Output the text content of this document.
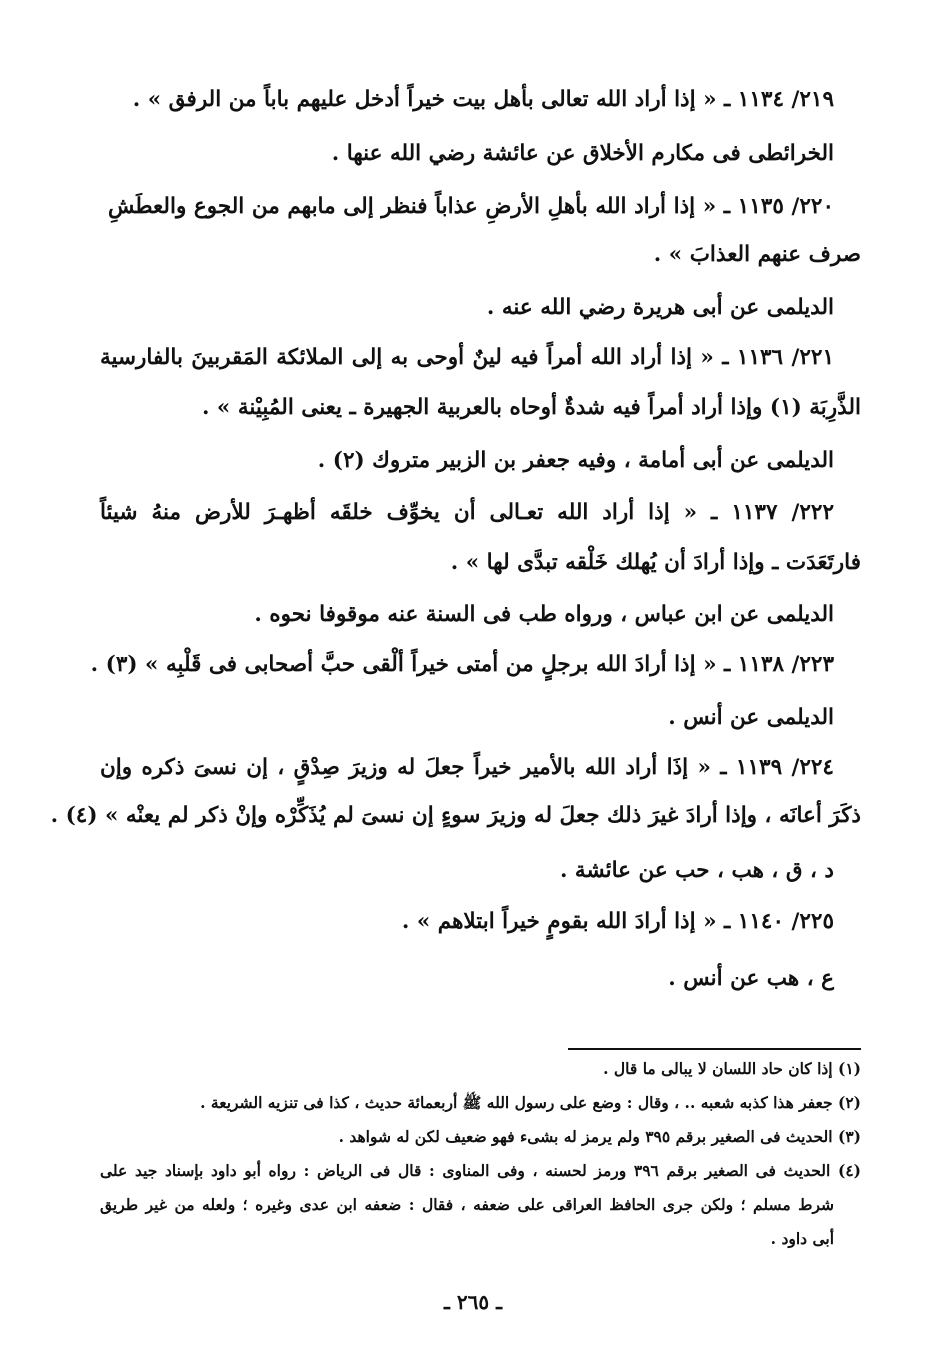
٢١٩/ ١١٣٤ ـ « إذا أراد الله تعالى بأهل بيت خيراً أدخل عليهم باباً من الرفق » .
الخرائطى فى مكارم الأخلاق عن عائشة رضي الله عنها .
٢٢٠/ ١١٣٥ ـ « إذا أراد الله بأهلِ الأرضِ عذاباً فنظر إلى مابهم من الجوع والعطَشِ
صرف عنهم العذابَ » .
الديلمى عن أبى هريرة رضي الله عنه .
٢٢١/ ١١٣٦ ـ « إذا أراد الله أمراً فيه لينٌ أوحى به إلى الملائكة المَقربينَ بالفارسية
الذَّرِبَة (١) وإذا أراد أمراً فيه شدةٌ أوحاه بالعربية الجهيرة ـ يعنى المُبِيْنة » .
الديلمى عن أبى أمامة ، وفيه جعفر بن الزبير متروك (٢) .
٢٢٢/ ١١٣٧ ـ « إذا أراد الله تعـالى أن يخوِّف خلقَه أظهـرَ للأرض منهُ شيئاً
فارتَعَدَت ـ وإذا أرادَ أن يُهلك خَلْقه تبدَّى لها » .
الديلمى عن ابن عباس ، ورواه طب فى السنة عنه موقوفا نحوه .
٢٢٣/ ١١٣٨ ـ « إذا أرادَ الله برجلٍ من أمتى خيراً ألْقى حبَّ أصحابى فى قَلْبِه » (٣) .
الديلمى عن أنس .
٢٢٤/ ١١٣٩ ـ « إذَا أراد الله بالأمير خيراً جعلَ له وزيرَ صِدْقٍ ، إن نسىَ ذكره وإن
ذكَرَ أعانَه ، وإذا أرادَ غيرَ ذلك جعلَ له وزيرَ سوءٍ إن نسىَ لم يُذَكِّرْه وإنْ ذكر لم يعنْه » (٤) .
د ، ق ، هب ، حب عن عائشة .
٢٢٥/ ١١٤٠ ـ « إذا أرادَ الله بقومٍ خيراً ابتلاهم » .
ع ، هب عن أنس .
(١) إذا كان حاد اللسان لا يبالى ما قال .
(٢) جعفر هذا كذبه شعبه .. ، وقال : وضع على رسول الله ﷺ أربعمائة حديث ، كذا فى تنزيه الشريعة .
(٣) الحديث فى الصغير برقم ٣٩٥ ولم يرمز له بشىء فهو ضعيف لكن له شواهد .
(٤) الحديث فى الصغير برقم ٣٩٦ ورمز لحسنه ، وفى المناوى : قال فى الرياض : رواه أبو داود بإسناد جيد على
شرط مسلم ؛ ولكن جرى الحافظ العراقى على ضعفه ، فقال : ضعفه ابن عدى وغيره ؛ ولعله من غير طريق
أبى داود .
ـ ٢٦٥ ـ
